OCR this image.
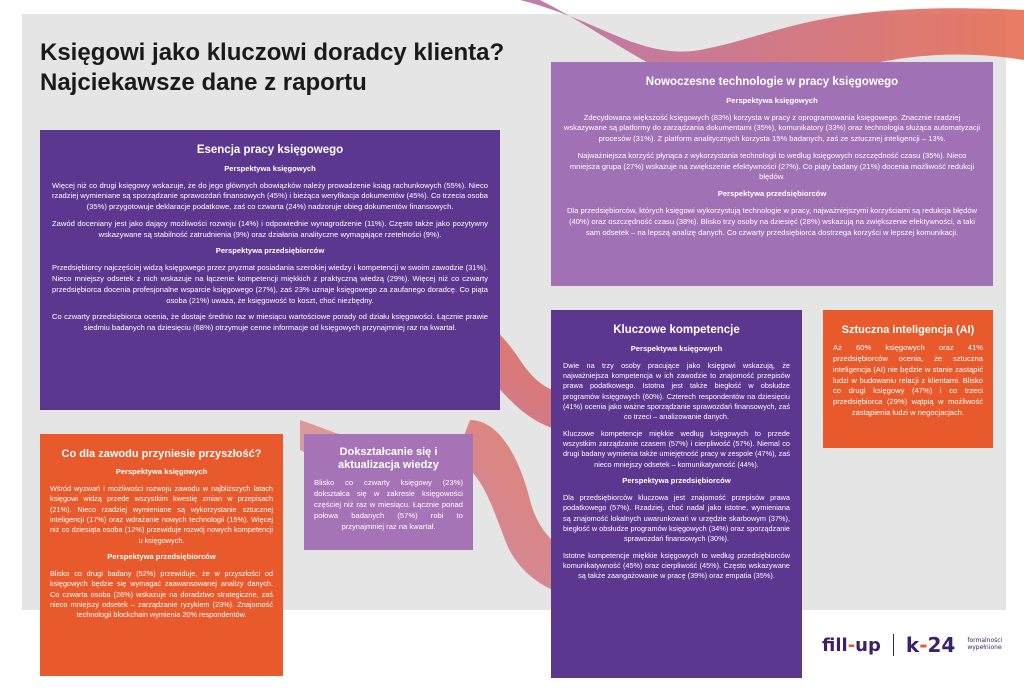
Księgowi jako kluczowi doradcy klienta? Najciekawsze dane z raportu
Esencja pracy księgowego
Perspektywa księgowych

Więcej niż co drugi księgowy wskazuje, że do jego głównych obowiązków należy prowadzenie ksiąg rachunkowych (55%). Nieco rzadziej wymieniane są sporządzanie sprawozdań finansowych (45%) i bieżąca weryfikacja dokumentów (45%). Co trzecia osoba (35%) przygotowuje deklaracje podatkowe, zaś co czwarta (24%) nadzoruje obieg dokumentów finansowych.

Zawód doceniany jest jako dający możliwości rozwoju (14%) i odpowiednie wynagrodzenie (11%). Często także jako pozytywny wskazywane są stabilność zatrudnienia (9%) oraz działania analityczne wymagające rzetelności (9%).

Perspektywa przedsiębiorców

Przedsiębiorcy najczęściej widzą księgowego przez pryzmat posiadania szerokiej wiedzy i kompetencji w swoim zawodzie (31%). Nieco mniejszy odsetek z nich wskazuje na łączenie kompetencji miękkich z praktyczną wiedzą (29%). Więcej niż co czwarty przedsiębiorca docenia profesjonalne wsparcie księgowego (27%), zaś 23% uznaje księgowego za zaufanego doradcę. Co piąta osoba (21%) uważa, że księgowość to koszt, choć niezbędny.

Co czwarty przedsiębiorca ocenia, że dostaje średnio raz w miesiącu wartościowe porady od działu księgowości. Łącznie prawie siedmiu badanych na dziesięciu (68%) otrzymuje cenne informacje od księgowych przynajmniej raz na kwartał.

Co dla zawodu przyniesie przyszłość?
Perspektywa księgowych

Wśród wyzwań i możliwości rozwoju zawodu w najbliższych latach księgowi widzą przede wszystkim kwestię zmian w przepisach (21%). Nieco rzadziej wymieniane są wykorzystanie sztucznej inteligencji (17%) oraz wdrażanie nowych technologii (15%). Więcej niż co dziesiąta osoba (12%) przewiduje rozwój nowych kompetencji u księgowych.

Perspektywa przedsiębiorców

Blisko co drugi badany (52%) przewiduje, że w przyszłości od księgowych będzie się wymagać zaawansowanej analizy danych. Co czwarta osoba (26%) wskazuje na doradztwo strategiczne, zaś nieco mniejszy odsetek – zarządzanie ryzykiem (23%). Znajomość technologii blockchain wymienia 20% respondentów.

Dokształcanie się i aktualizacja wiedzy

Blisko co czwarty księgowy (23%) dokształca się w zakresie księgowości częściej niż raz w miesiącu. Łącznie ponad połowa badanych (57%) robi to przynajmniej raz na kwartał.

Nowoczesne technologie w pracy księgowego
Perspektywa księgowych

Zdecydowana większość księgowych (83%) korzysta w pracy z oprogramowania księgowego. Znacznie rzadziej wskazywane są platformy do zarządzania dokumentami (35%), komunikatory (33%) oraz technologia służąca automatyzacji procesów (31%). Z platform analitycznych korzysta 15% badanych, zaś ze sztucznej inteligencji – 13%.

Najważniejsza korzyść płynąca z wykorzystania technologii to według księgowych oszczędność czasu (35%). Nieco mniejsza grupa (27%) wskazuje na zwiększenie efektywności (27%). Co piąty badany (21%) docenia możliwość redukcji błędów.

Perspektywa przedsiębiorców

Dla przedsiębiorców, których księgowi wykorzystują technologie w pracy, najważniejszymi korzyściami są redukcja błędów (40%) oraz oszczędność czasu (38%). Blisko trzy osoby na dziesięć (28%) wskazują na zwiększenie efektywności, a taki sam odsetek – na lepszą analizę danych. Co czwarty przedsiębiorca dostrzega korzyści w lepszej komunikacji.

Kluczowe kompetencje
Perspektywa księgowych

Dwie na trzy osoby pracujące jako księgowi wskazują, że najważniejsza kompetencja w ich zawodzie to znajomość przepisów prawa podatkowego. Istotna jest także biegłość w obsłudze programów księgowych (60%). Czterech respondentów na dziesięciu (41%) ocenia jako ważne sporządzanie sprawozdań finansowych, zaś co trzeci – analizowanie danych.

Kluczowe kompetencje miękkie według księgowych to przede wszystkim zarządzanie czasem (57%) i cierpliwość (57%). Niemal co drugi badany wymienia także umiejętność pracy w zespole (47%), zaś nieco mniejszy odsetek – komunikatywność (44%).

Perspektywa przedsiębiorców

Dla przedsiębiorców kluczowa jest znajomość przepisów prawa podatkowego (57%). Rzadziej, choć nadal jako istotne, wymieniana są znajomość lokalnych uwarunkowań w urzędzie skarbowym (37%), biegłość w obsłudze programów księgowych (34%) oraz sporządzanie sprawozdań finansowych (30%).

Istotne kompetencje miękkie księgowych to według przedsiębiorców komunikatywność (45%) oraz cierpliwość (45%). Często wskazywane są także zaangażowanie w pracę (39%) oraz empatia (35%).

Sztuczna inteligencja (AI)

Aż 60% księgowych oraz 41% przedsiębiorców ocenia, że sztuczna inteligencja (AI) nie będzie w stanie zastąpić ludzi w budowaniu relacji z klientami. Blisko co drugi księgowy (47%) i co trzeci przedsiębiorca (29%) wątpią w możliwość zastąpienia ludzi w negocjacjach.

fill-up k-24 formalności
wypełnione
